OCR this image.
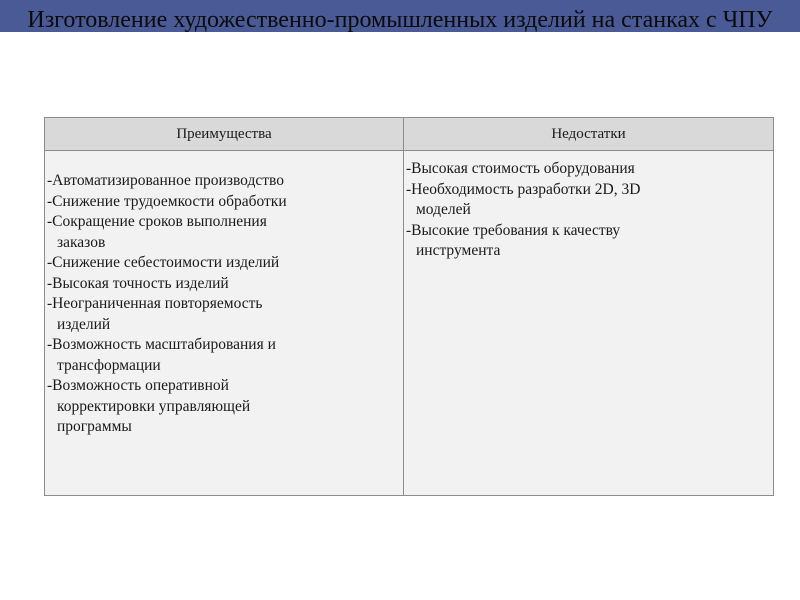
Изготовление художественно-промышленных изделий на станках с ЧПУ
Преимущества	Недостатки
-Автоматизированное производство
-Снижение трудоемкости обработки
-Сокращение сроков выполнения
заказов
-Снижение себестоимости изделий
-Высокая точность изделий
-Неограниченная повторяемость
изделий
-Возможность масштабирования и
трансформации
-Возможность оперативной
корректировки управляющей
программы
-Высокая стоимость оборудования
-Необходимость разработки 2D, 3D
моделей
-Высокие требования к качеству
инструмента
